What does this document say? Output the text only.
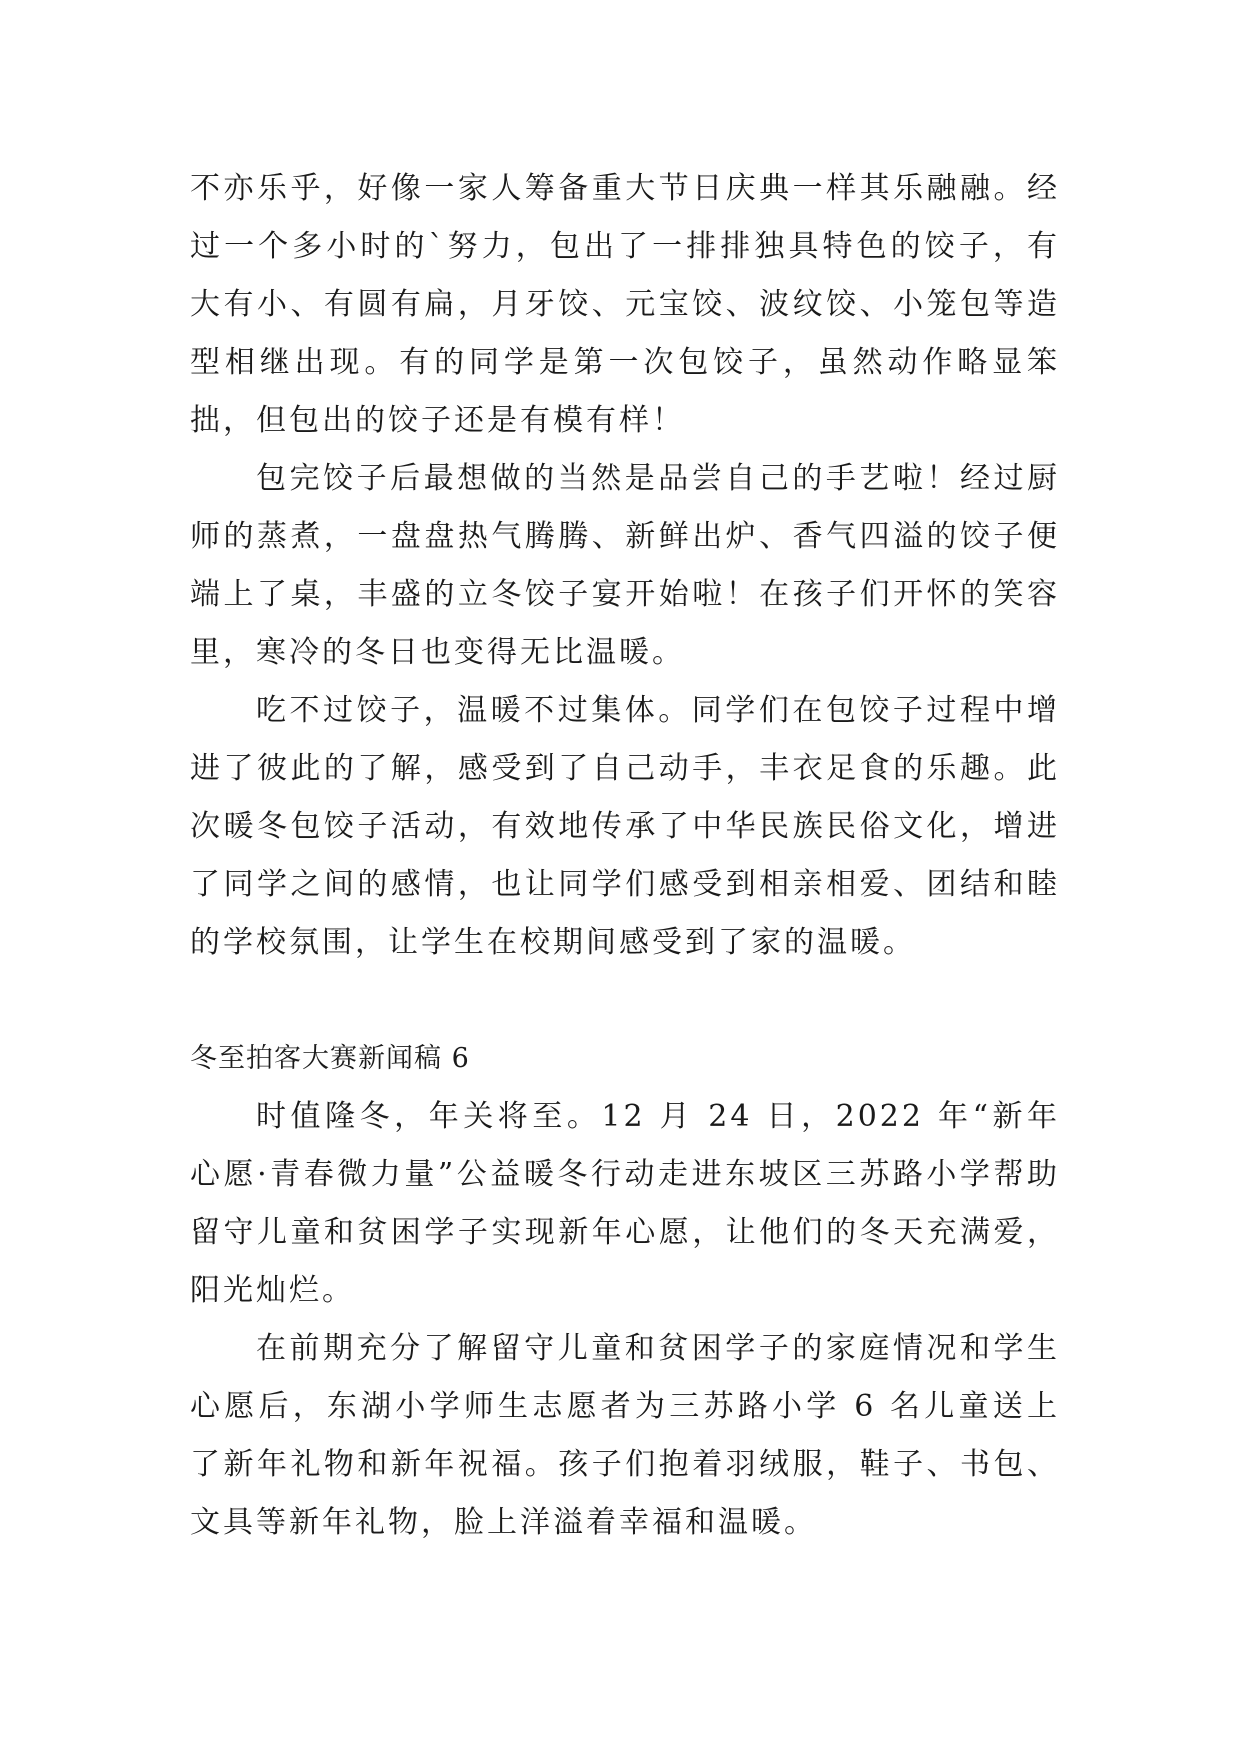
不亦乐乎，好像一家人筹备重大节日庆典一样其乐融融。经过一个多小时的`努力，包出了一排排独具特色的饺子，有大有小、有圆有扁，月牙饺、元宝饺、波纹饺、小笼包等造型相继出现。有的同学是第一次包饺子，虽然动作略显笨拙，但包出的饺子还是有模有样！

包完饺子后最想做的当然是品尝自己的手艺啦！经过厨师的蒸煮，一盘盘热气腾腾、新鲜出炉、香气四溢的饺子便端上了桌，丰盛的立冬饺子宴开始啦！在孩子们开怀的笑容里，寒冷的冬日也变得无比温暖。

吃不过饺子，温暖不过集体。同学们在包饺子过程中增进了彼此的了解，感受到了自己动手，丰衣足食的乐趣。此次暖冬包饺子活动，有效地传承了中华民族民俗文化，增进了同学之间的感情，也让同学们感受到相亲相爱、团结和睦的学校氛围，让学生在校期间感受到了家的温暖。

冬至拍客大赛新闻稿 6

时值隆冬，年关将至。12 月 24 日，2022 年“新年心愿·青春微力量”公益暖冬行动走进东坡区三苏路小学帮助留守儿童和贫困学子实现新年心愿，让他们的冬天充满爱，阳光灿烂。

在前期充分了解留守儿童和贫困学子的家庭情况和学生心愿后，东湖小学师生志愿者为三苏路小学 6 名儿童送上了新年礼物和新年祝福。孩子们抱着羽绒服，鞋子、书包、文具等新年礼物，脸上洋溢着幸福和温暖。
